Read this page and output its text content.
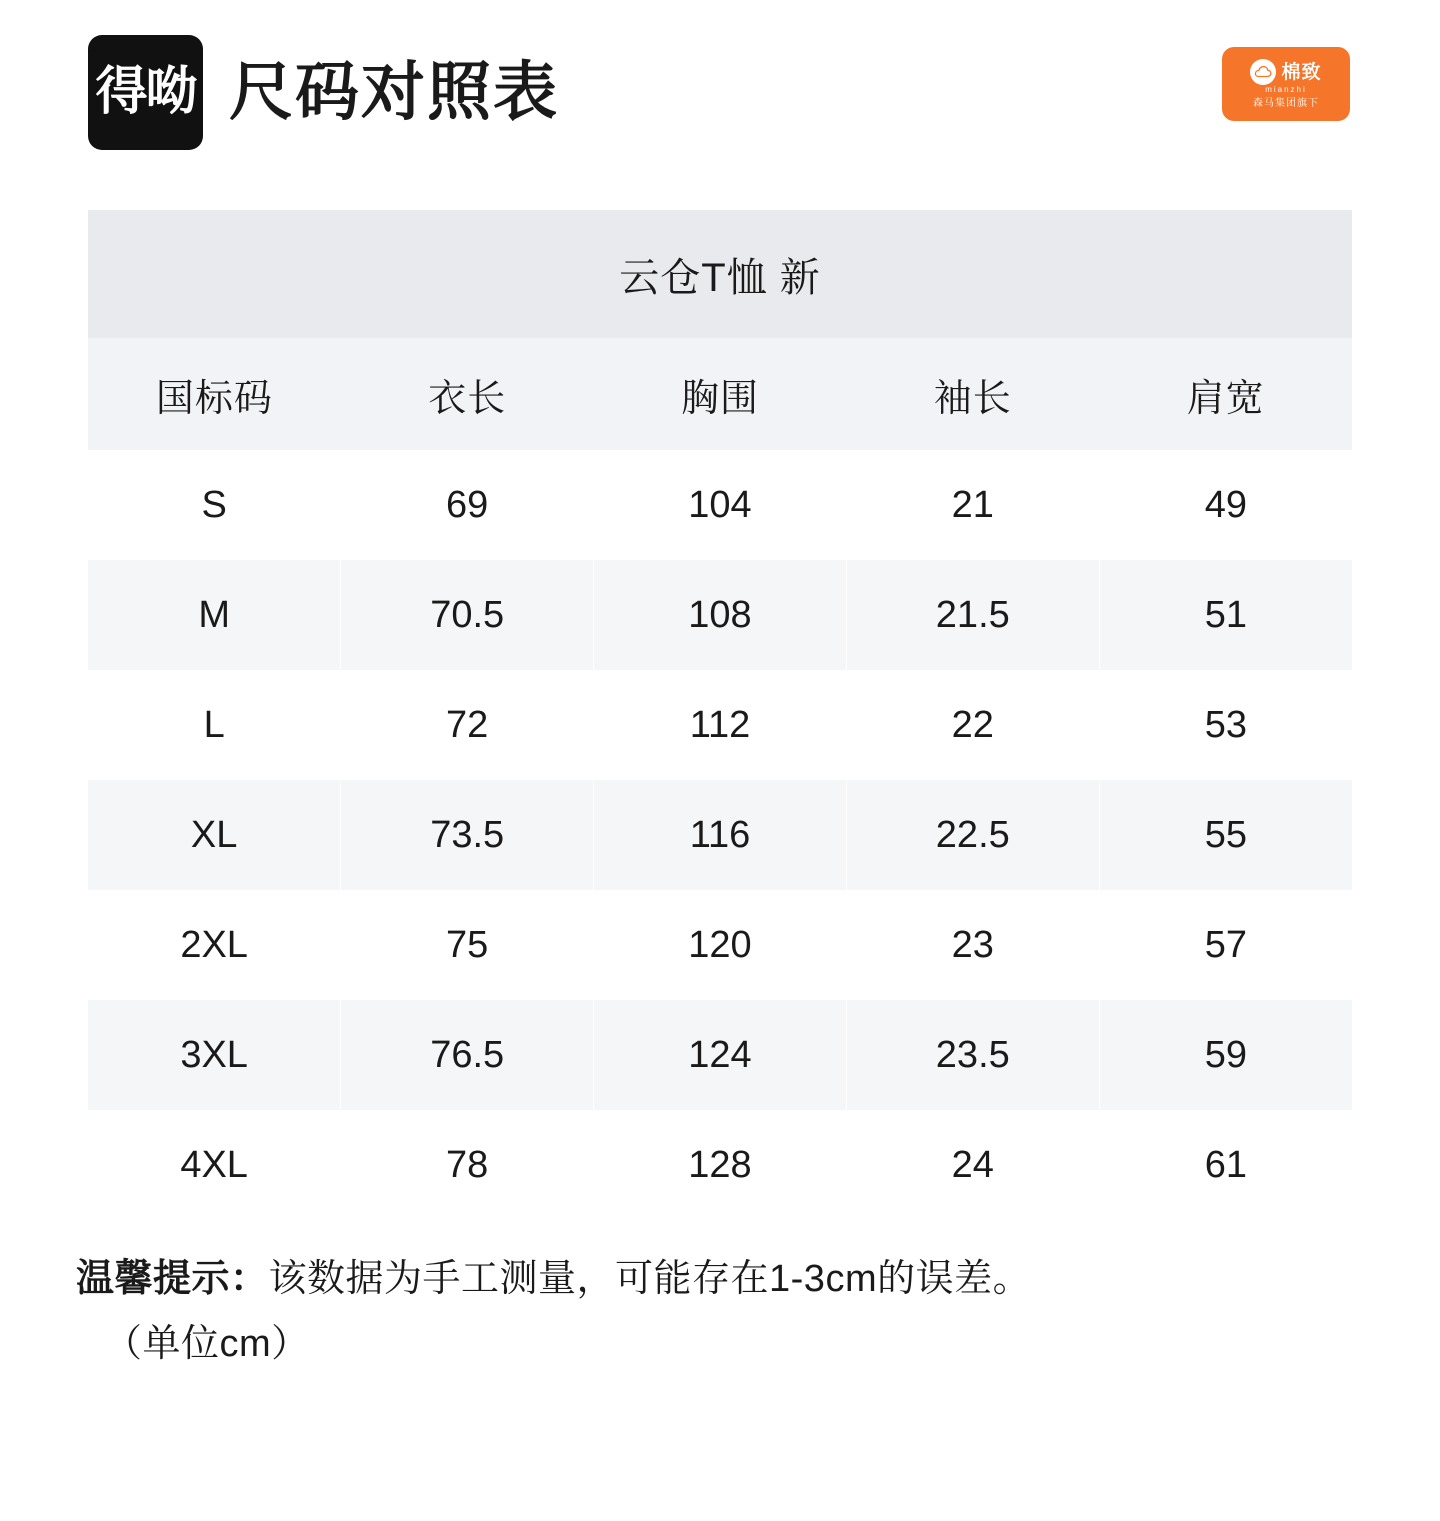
得呦 尺码对照表	棉致
mianzhi
森马集团旗下
云仓T恤 新
国标码	衣长	胸围	袖长	肩宽
S	69	104	21	49
M	70.5	108	21.5	51
L	72	112	22	53
XL	73.5	116	22.5	55
2XL	75	120	23	57
3XL	76.5	124	23.5	59
4XL	78	128	24	61
温馨提示：该数据为手工测量，可能存在1-3cm的误差。
（单位cm）
